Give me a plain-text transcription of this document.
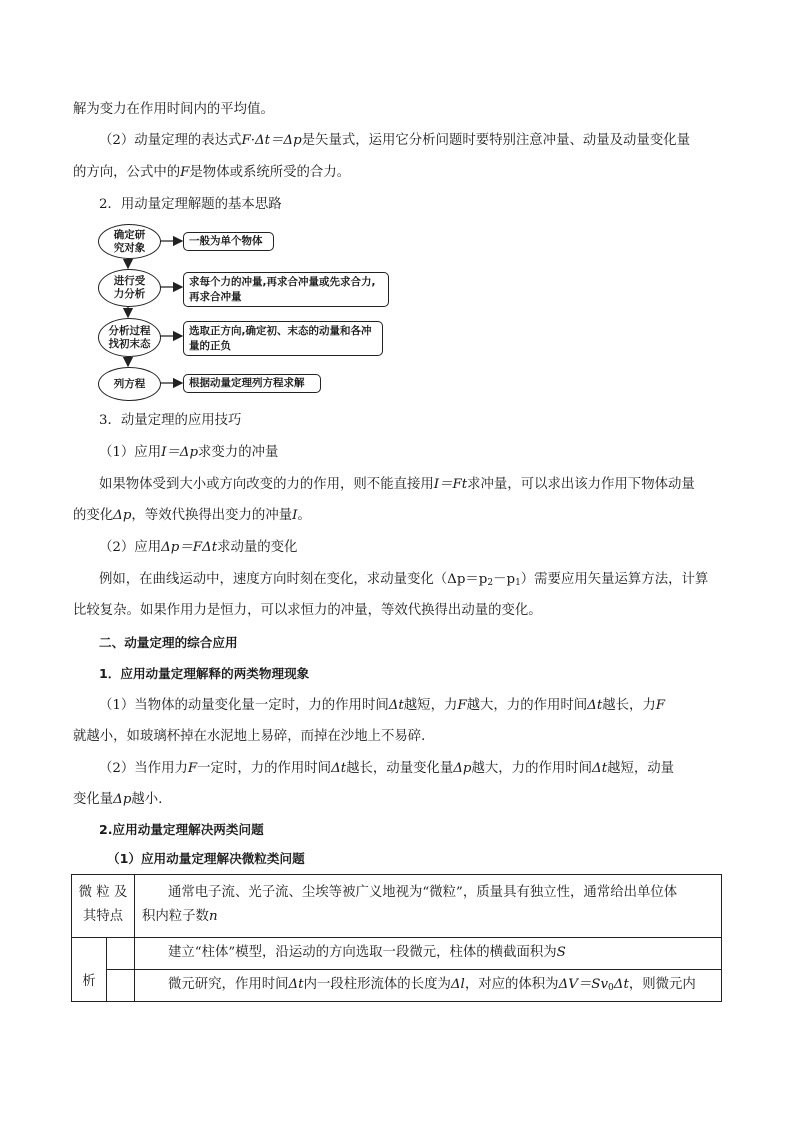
解为变力在作用时间内的平均值。
（2）动量定理的表达式F·Δt＝Δp是矢量式，运用它分析问题时要特别注意冲量、动量及动量变化量
的方向，公式中的F是物体或系统所受的合力。
2．用动量定理解题的基本思路
确定研
究对象
一般为单个物体
进行受
力分析
求每个力的冲量,再求合冲量或先求合力,
再求合冲量
分析过程
找初末态
选取正方向,确定初、末态的动量和各冲
量的正负
列方程	根据动量定理列方程求解
3．动量定理的应用技巧
（1）应用I＝Δp求变力的冲量
如果物体受到大小或方向改变的力的作用，则不能直接用I＝Ft求冲量，可以求出该力作用下物体动量
的变化Δp，等效代换得出变力的冲量I。
（2）应用Δp＝FΔt求动量的变化
例如，在曲线运动中，速度方向时刻在变化，求动量变化$(\Delta p=p_2-p_1)$需要应用矢量运算方法，计算
比较复杂。如果作用力是恒力，可以求恒力的冲量，等效代换得出动量的变化。
二、动量定理的综合应用
1．应用动量定理解释的两类物理现象
（1）当物体的动量变化量一定时，力的作用时间Δt越短，力F越大，力的作用时间Δt越长，力F
就越小，如玻璃杯掉在水泥地上易碎，而掉在沙地上不易碎．
（2）当作用力F一定时，力的作用时间Δt越长，动量变化量Δp越大，力的作用时间Δt越短，动量
变化量Δp越小．
2.应用动量定理解决两类问题
（1）应用动量定理解决微粒类问题
微 粒 及
其特点
通常电子流、光子流、尘埃等被广义地视为“微粒”，质量具有独立性，通常给出单位体
积内粒子数n
析
建立“柱体”模型，沿运动的方向选取一段微元，柱体的横截面积为S
微元研究，作用时间Δt内一段柱形流体的长度为Δl，对应的体积为$\Delta V=Sv_0\Delta t$，则微元内
